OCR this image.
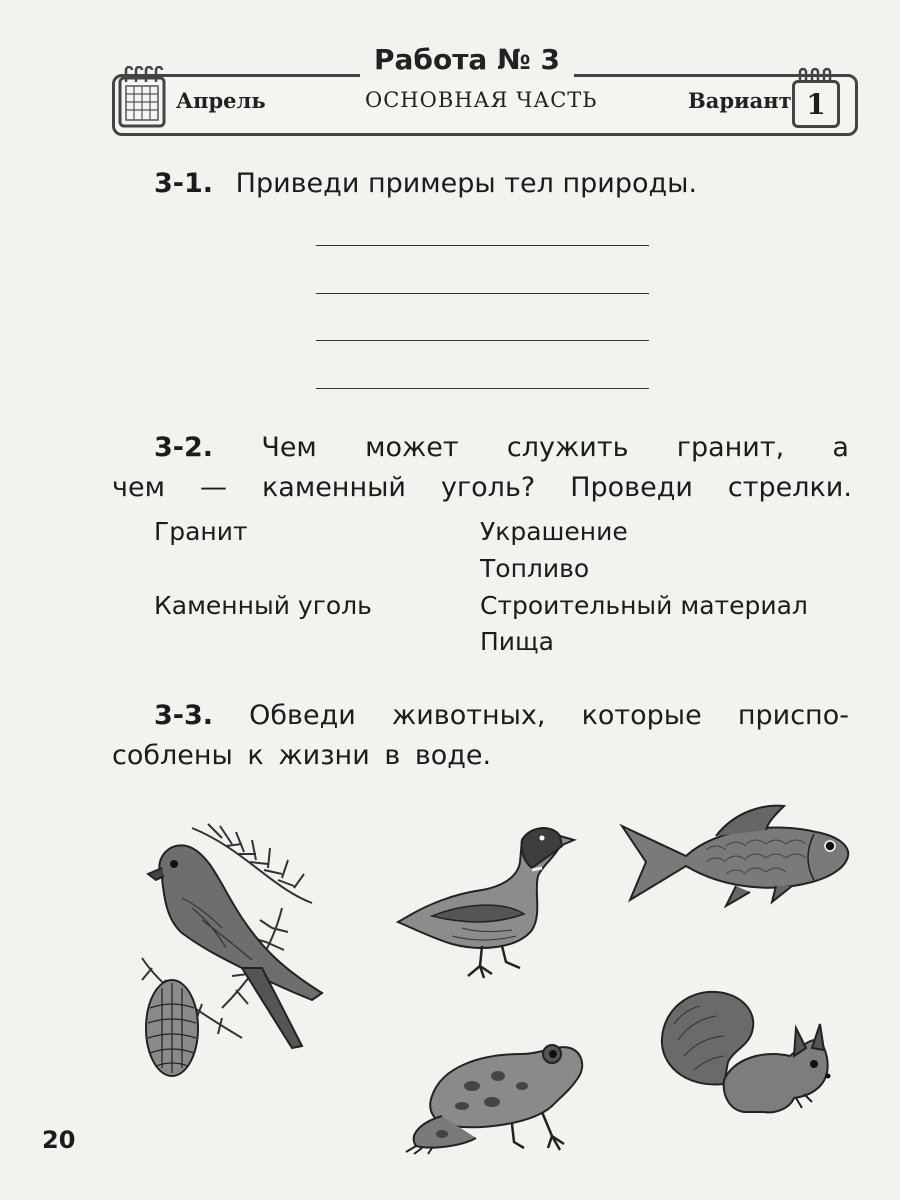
Работа № 3
Апрель	ОСНОВНАЯ ЧАСТЬ	Вариант 1
3-1. Приведи примеры тел природы.
3-2. Чем может служить гранит, а
чем — каменный уголь? Проведи стрелки.
Гранит
Каменный уголь
Украшение
Топливо
Строительный материал
Пища
3-3. Обведи животных, которые приспо-
соблены к жизни в воде.
20
